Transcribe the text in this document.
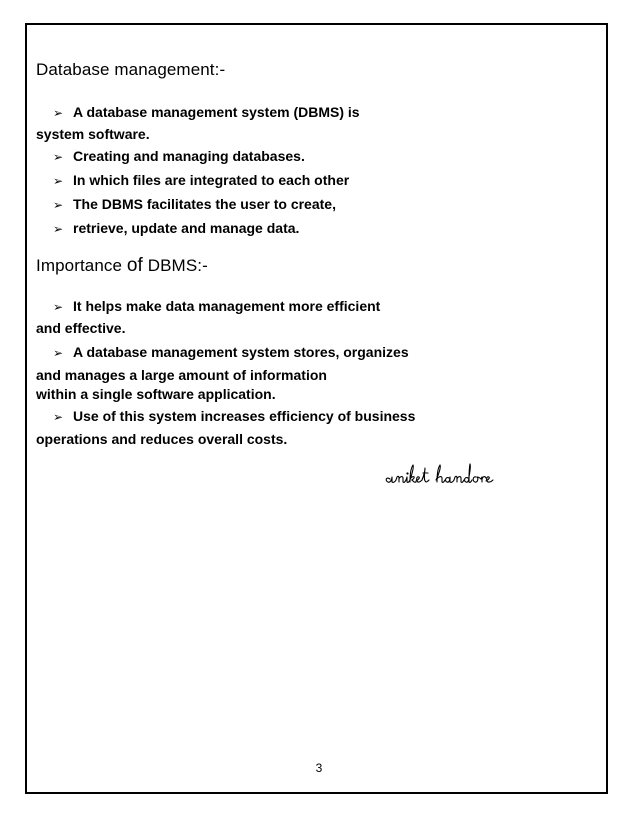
Database management:-
➢ A database management system (DBMS) is
system software.
➢ Creating and managing databases.
➢ In which files are integrated to each other
➢ The DBMS facilitates the user to create,
➢ retrieve, update and manage data.
Importance of DBMS:-
➢ It helps make data management more efficient
and effective.
➢ A database management system stores, organizes
and manages a large amount of information
within a single software application.
➢ Use of this system increases efficiency of business
operations and reduces overall costs.
aniket handore
3
